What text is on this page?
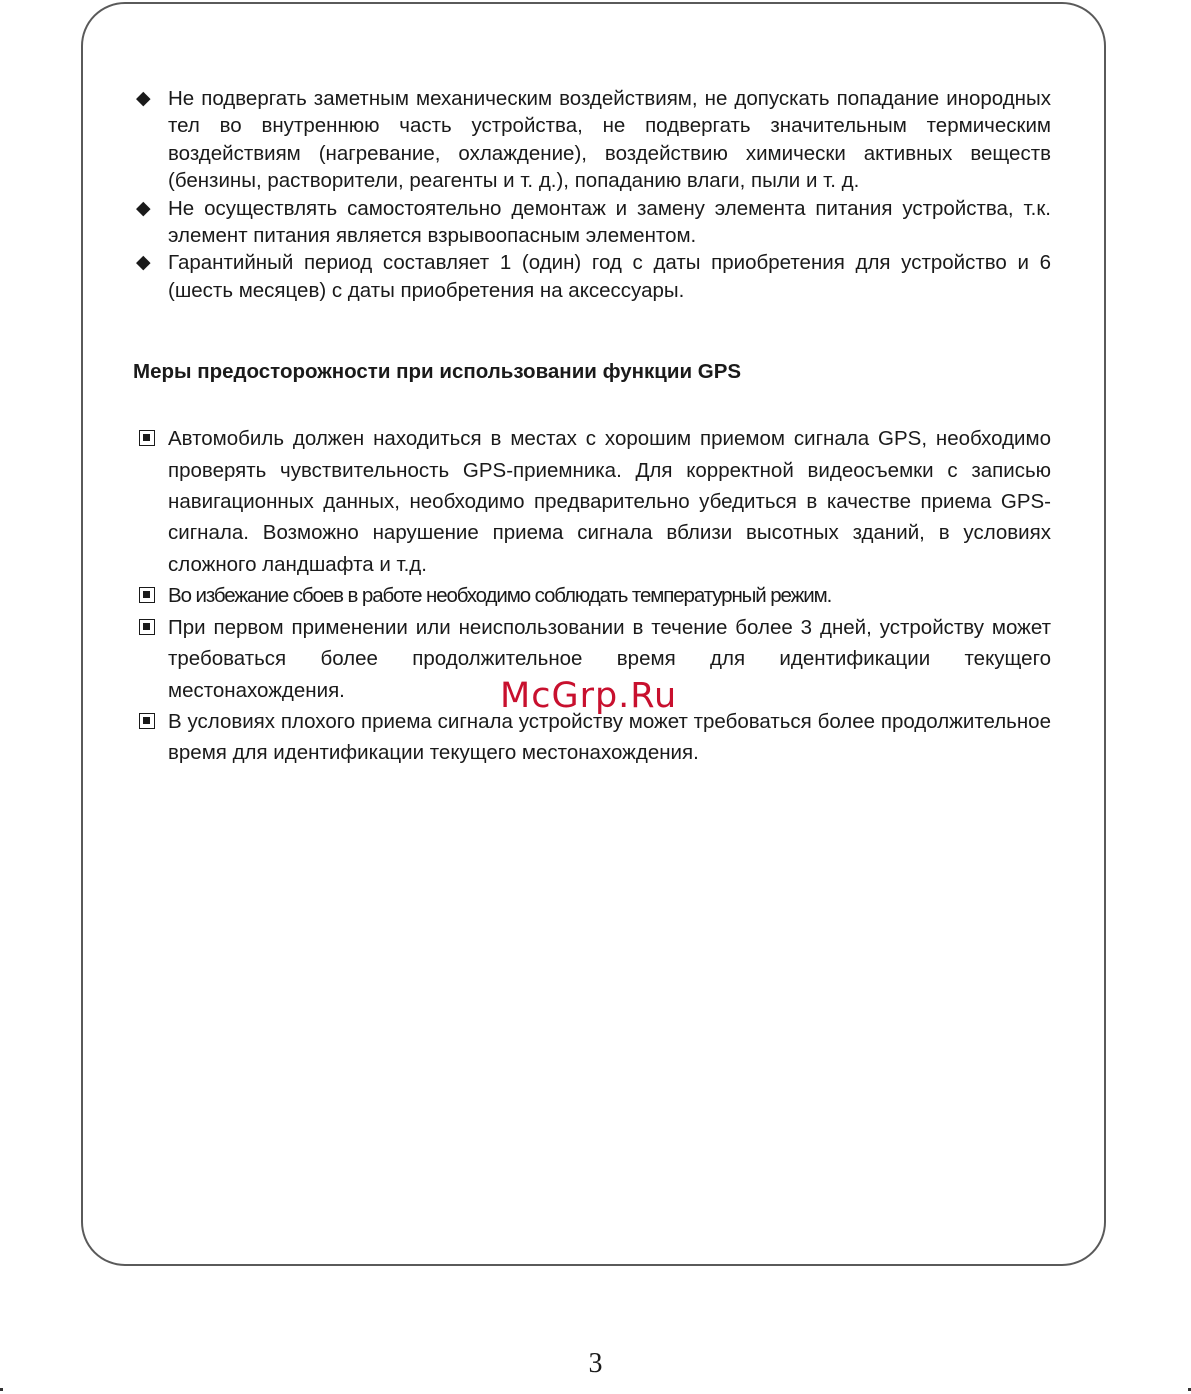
◆ Не подвергать заметным механическим воздействиям, не допускать попадание инородных тел во внутреннюю часть устройства, не подвергать значительным термическим воздействиям (нагревание, охлаждение), воздействию химически активных веществ (бензины, растворители, реагенты и т. д.), попаданию влаги, пыли и т. д.
◆ Не осуществлять самостоятельно демонтаж и замену элемента питания устройства, т.к. элемент питания является взрывоопасным элементом.
◆ Гарантийный период составляет 1 (один) год с даты приобретения для устройство и 6 (шесть месяцев) с даты приобретения на аксессуары.
Меры предосторожности при использовании функции GPS
Автомобиль должен находиться в местах с хорошим приемом сигнала GPS, необходимо проверять чувствительность GPS-приемника. Для корректной видеосъемки с записью навигационных данных, необходимо предварительно убедиться в качестве приема GPS-сигнала. Возможно нарушение приема сигнала вблизи высотных зданий, в условиях сложного ландшафта и т.д.
Во избежание сбоев в работе необходимо соблюдать температурный режим.
При первом применении или неиспользовании в течение более 3 дней, устройству может требоваться более продолжительное время для идентификации текущего местонахождения.
В условиях плохого приема сигнала устройству может требоваться более продолжительное время для идентификации текущего местонахождения.
McGrp.Ru
3
